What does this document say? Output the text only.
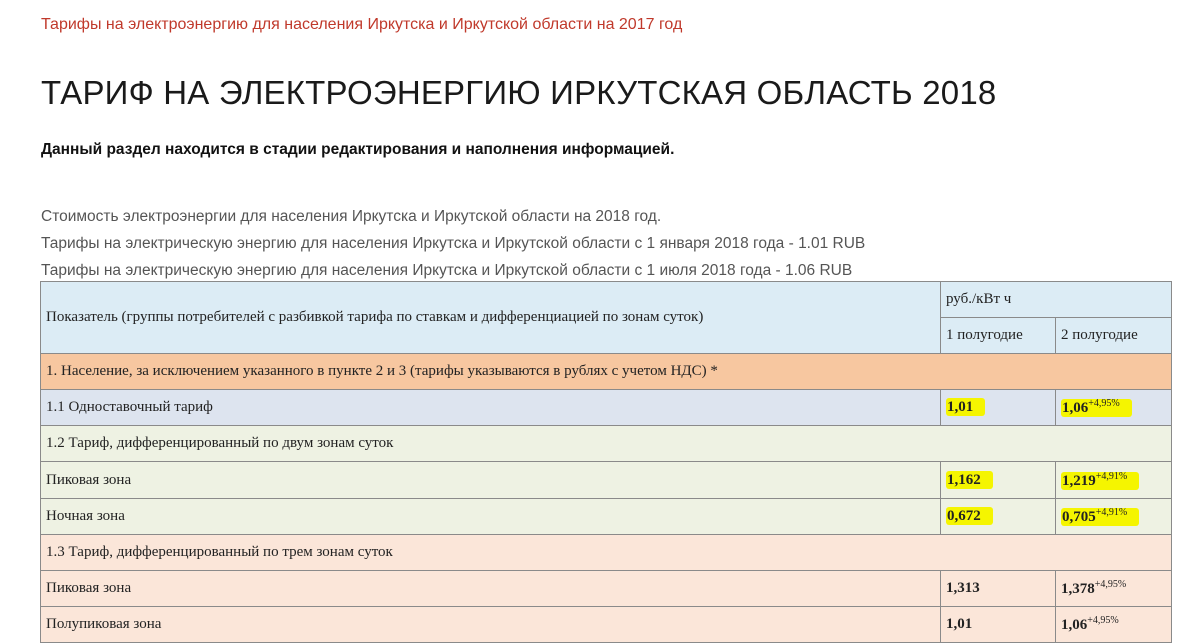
Тарифы на электроэнергию для населения Иркутска и Иркутской области на 2017 год
ТАРИФ НА ЭЛЕКТРОЭНЕРГИЮ ИРКУТСКАЯ ОБЛАСТЬ 2018
Данный раздел находится в стадии редактирования и наполнения информацией.
Стоимость электроэнергии для населения Иркутска и Иркутской области на 2018 год.
Тарифы на электрическую энергию для населения Иркутска и Иркутской области с 1 января 2018 года - 1.01 RUB
Тарифы на электрическую энергию для населения Иркутска и Иркутской области с 1 июля 2018 года - 1.06 RUB
Показатель (группы потребителей с разбивкой тарифа по ставкам и дифференциацией по зонам суток)	руб./кВт ч	
	1 полугодие	2 полугодие
1. Население, за исключением указанного в пункте 2 и 3 (тарифы указываются в рублях с учетом НДС) *		
1.1 Одноставочный тариф	1,01	$1,06^{+4,95\%}$
1.2 Тариф, дифференцированный по двум зонам суток		
Пиковая зона	1,162	$1,219^{+4,91\%}$
Ночная зона	0,672	$0,705^{+4,91\%}$
1.3 Тариф, дифференцированный по трем зонам суток		
Пиковая зона	1,313	$1,378^{+4,95\%}$
Полупиковая зона	1,01	$1,06^{+4,95\%}$
